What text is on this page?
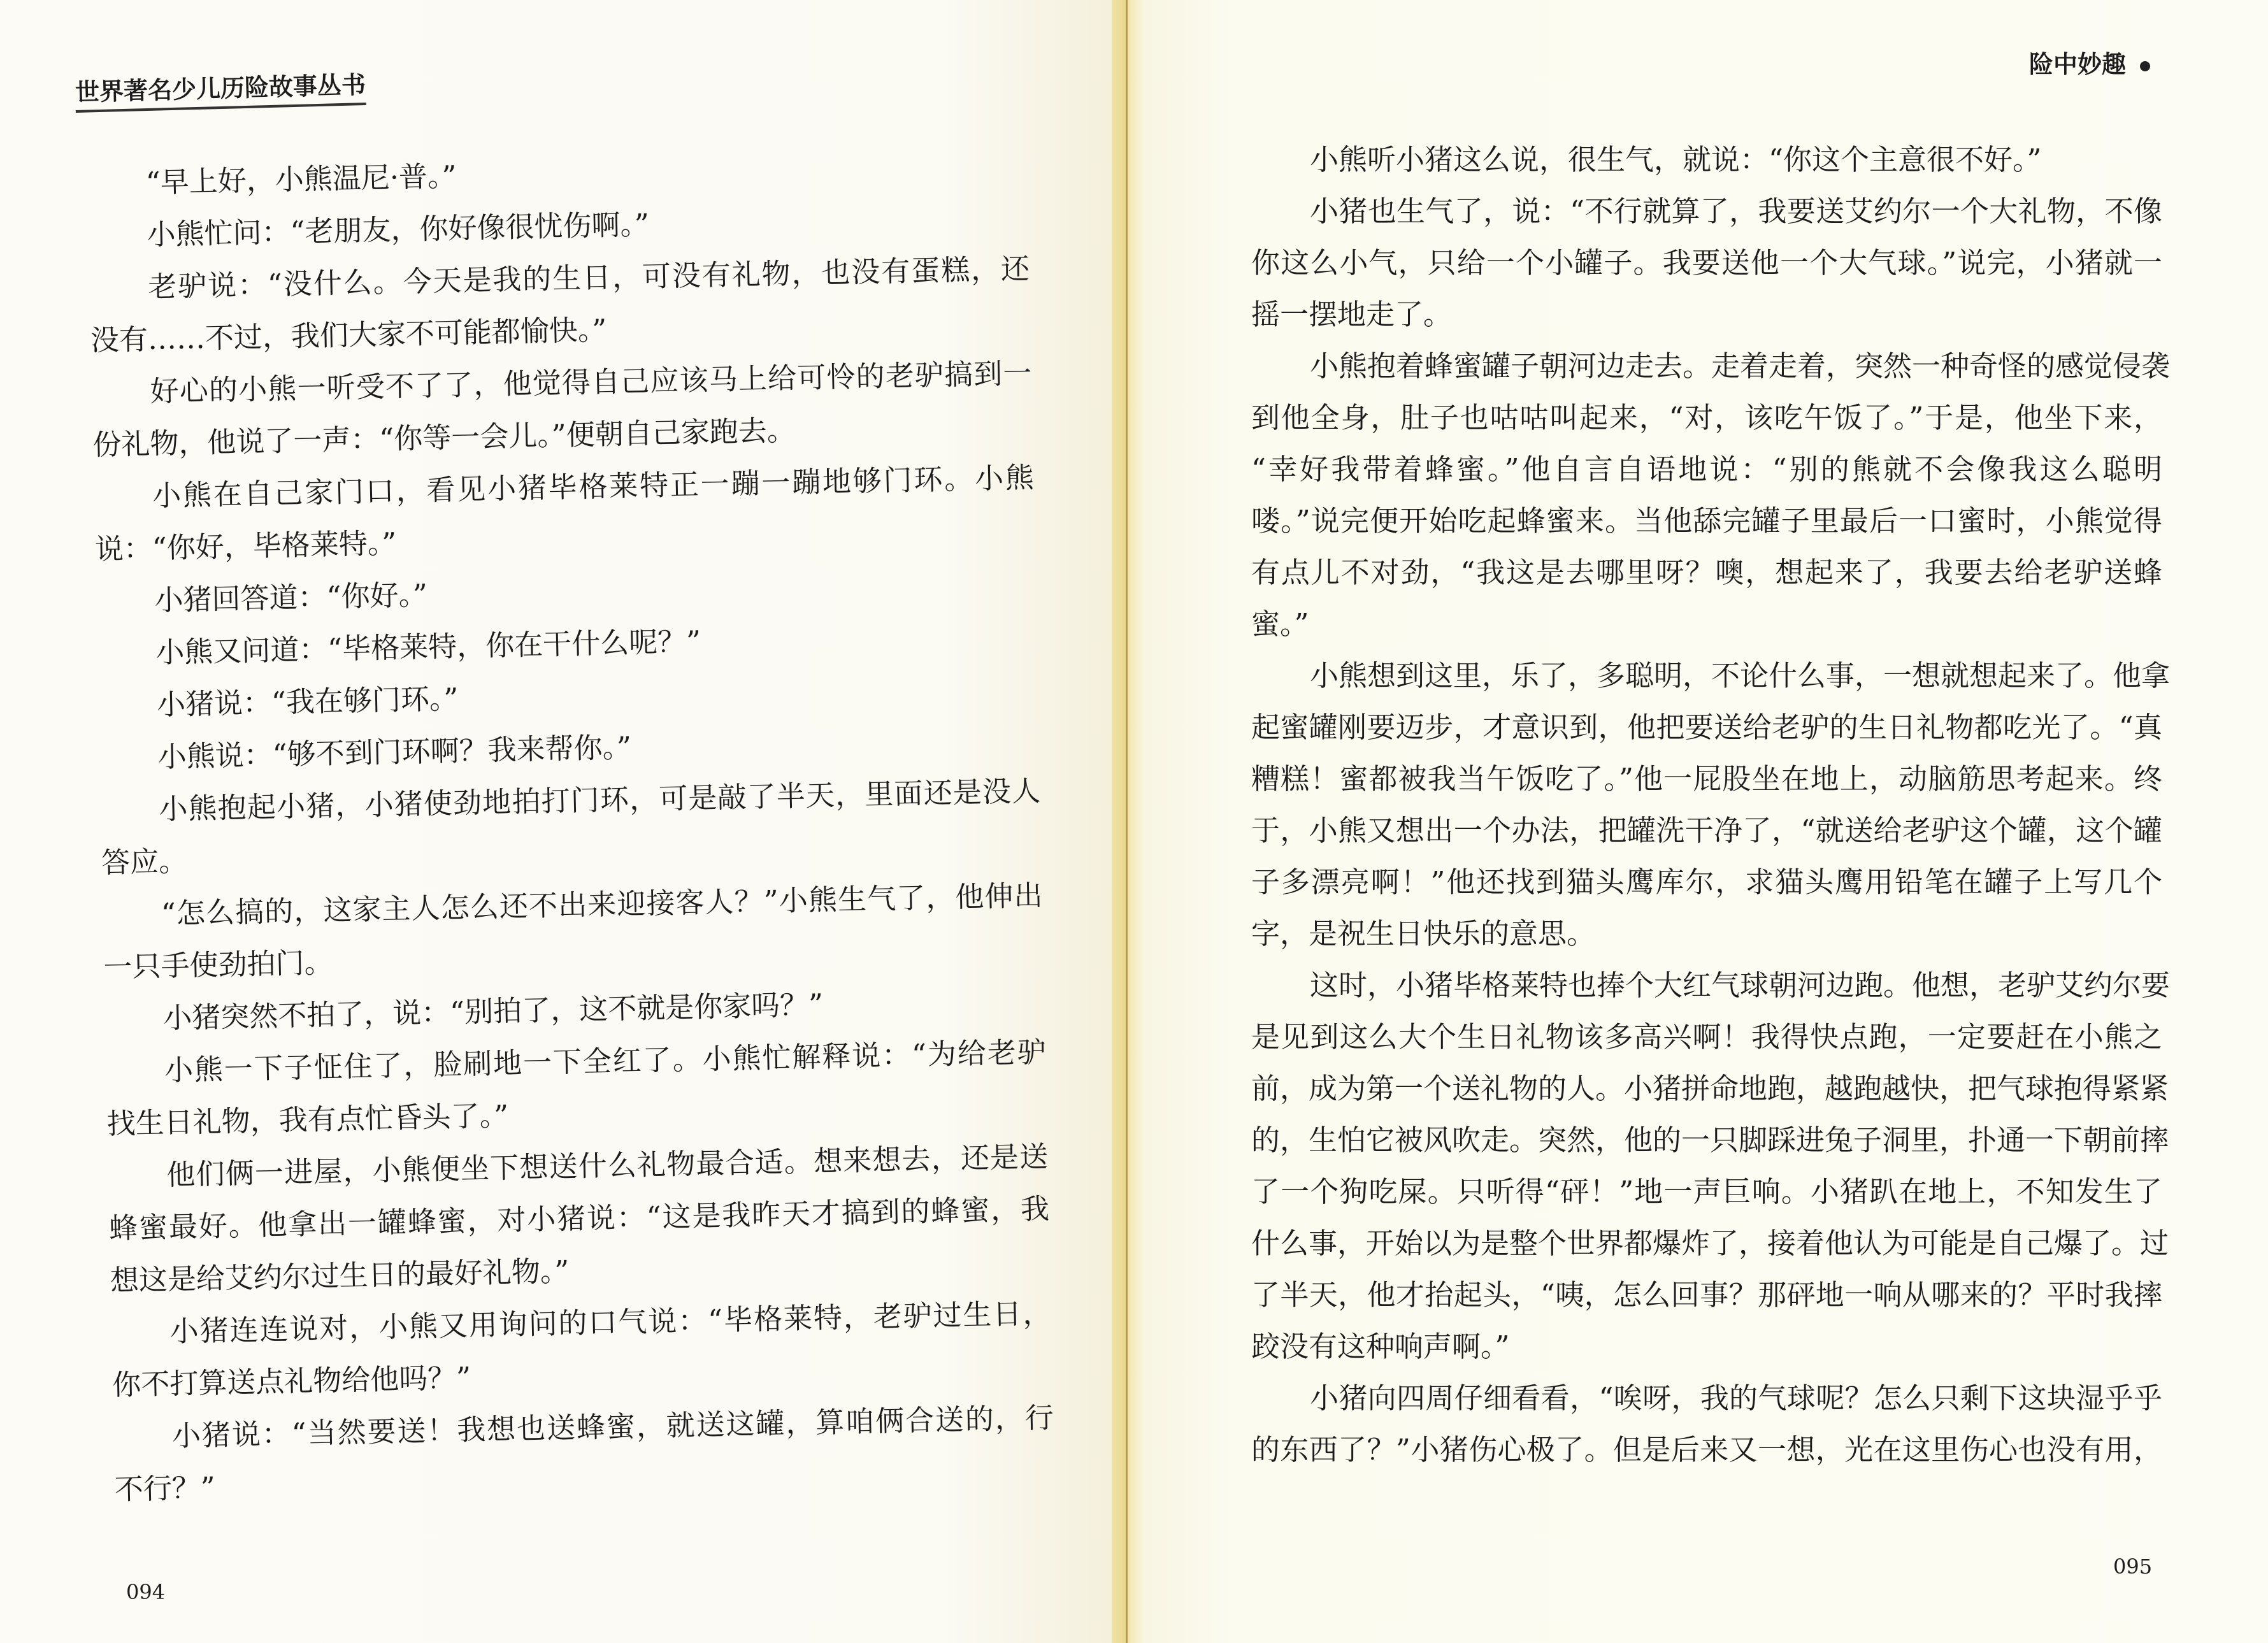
世界著名少儿历险故事丛书
“早上好，小熊温尼·普。”
小熊忙问：“老朋友，你好像很忧伤啊。”
老驴说：“没什么。今天是我的生日，可没有礼物，也没有蛋糕，还
没有……不过，我们大家不可能都愉快。”
好心的小熊一听受不了了，他觉得自己应该马上给可怜的老驴搞到一
份礼物，他说了一声：“你等一会儿。”便朝自己家跑去。
小熊在自己家门口，看见小猪毕格莱特正一蹦一蹦地够门环。小熊
说：“你好，毕格莱特。”
小猪回答道：“你好。”
小熊又问道：“毕格莱特，你在干什么呢？”
小猪说：“我在够门环。”
小熊说：“够不到门环啊？我来帮你。”
小熊抱起小猪，小猪使劲地拍打门环，可是敲了半天，里面还是没人
答应。
“怎么搞的，这家主人怎么还不出来迎接客人？”小熊生气了，他伸出
一只手使劲拍门。
小猪突然不拍了，说：“别拍了，这不就是你家吗？”
小熊一下子怔住了，脸刷地一下全红了。小熊忙解释说：“为给老驴
找生日礼物，我有点忙昏头了。”
他们俩一进屋，小熊便坐下想送什么礼物最合适。想来想去，还是送
蜂蜜最好。他拿出一罐蜂蜜，对小猪说：“这是我昨天才搞到的蜂蜜，我
想这是给艾约尔过生日的最好礼物。”
小猪连连说对，小熊又用询问的口气说：“毕格莱特，老驴过生日，
你不打算送点礼物给他吗？”
小猪说：“当然要送！我想也送蜂蜜，就送这罐，算咱俩合送的，行
不行？”
094
险中妙趣
小熊听小猪这么说，很生气，就说：“你这个主意很不好。”
小猪也生气了，说：“不行就算了，我要送艾约尔一个大礼物，不像
你这么小气，只给一个小罐子。我要送他一个大气球。”说完，小猪就一
摇一摆地走了。
小熊抱着蜂蜜罐子朝河边走去。走着走着，突然一种奇怪的感觉侵袭
到他全身，肚子也咕咕叫起来，“对，该吃午饭了。”于是，他坐下来，
“幸好我带着蜂蜜。”他自言自语地说：“别的熊就不会像我这么聪明
喽。”说完便开始吃起蜂蜜来。当他舔完罐子里最后一口蜜时，小熊觉得
有点儿不对劲，“我这是去哪里呀？噢，想起来了，我要去给老驴送蜂
蜜。”
小熊想到这里，乐了，多聪明，不论什么事，一想就想起来了。他拿
起蜜罐刚要迈步，才意识到，他把要送给老驴的生日礼物都吃光了。“真
糟糕！蜜都被我当午饭吃了。”他一屁股坐在地上，动脑筋思考起来。终
于，小熊又想出一个办法，把罐洗干净了，“就送给老驴这个罐，这个罐
子多漂亮啊！”他还找到猫头鹰库尔，求猫头鹰用铅笔在罐子上写几个
字，是祝生日快乐的意思。
这时，小猪毕格莱特也捧个大红气球朝河边跑。他想，老驴艾约尔要
是见到这么大个生日礼物该多高兴啊！我得快点跑，一定要赶在小熊之
前，成为第一个送礼物的人。小猪拼命地跑，越跑越快，把气球抱得紧紧
的，生怕它被风吹走。突然，他的一只脚踩进兔子洞里，扑通一下朝前摔
了一个狗吃屎。只听得“砰！”地一声巨响。小猪趴在地上，不知发生了
什么事，开始以为是整个世界都爆炸了，接着他认为可能是自己爆了。过
了半天，他才抬起头，“咦，怎么回事？那砰地一响从哪来的？平时我摔
跤没有这种响声啊。”
小猪向四周仔细看看，“唉呀，我的气球呢？怎么只剩下这块湿乎乎
的东西了？”小猪伤心极了。但是后来又一想，光在这里伤心也没有用，
095
